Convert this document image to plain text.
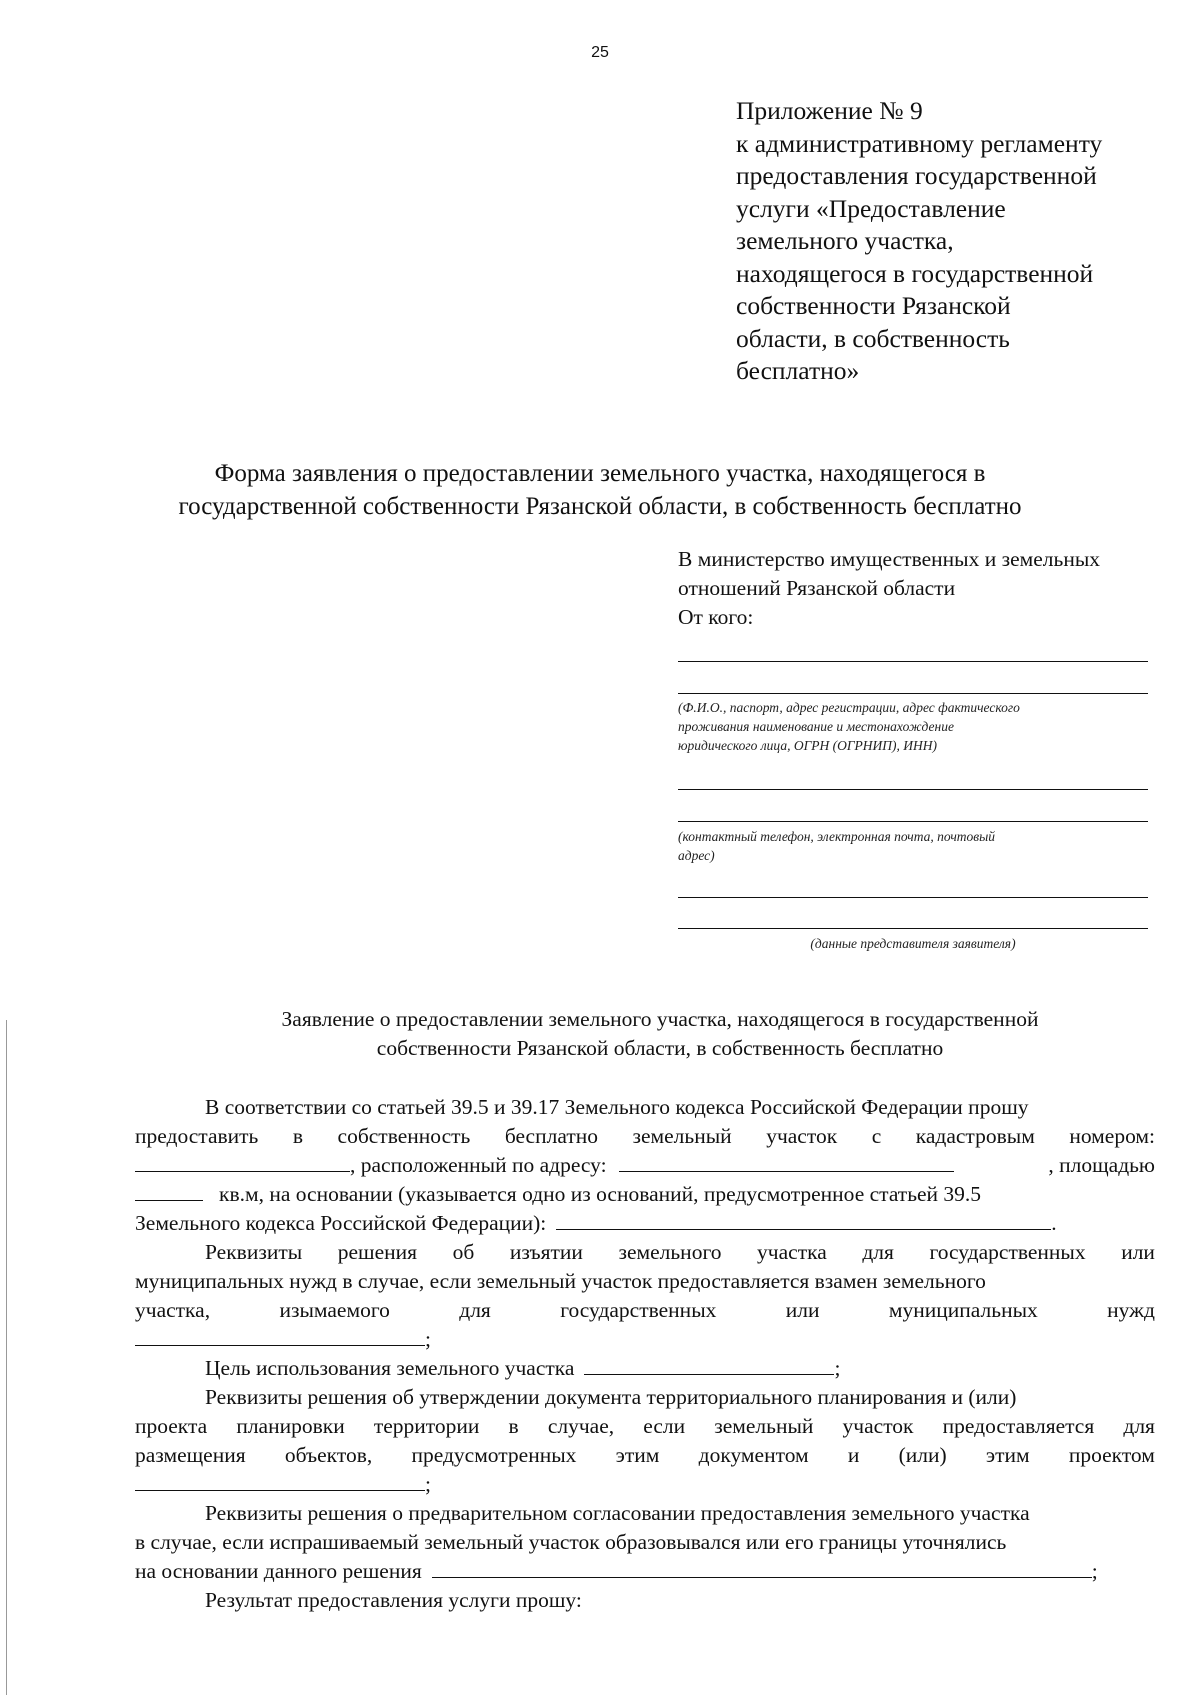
25
Приложение № 9
к административному регламенту
предоставления государственной
услуги «Предоставление
земельного участка,
находящегося в государственной
собственности Рязанской
области, в собственность
бесплатно»
Форма заявления о предоставлении земельного участка, находящегося в
государственной собственности Рязанской области, в собственность бесплатно
В министерство имущественных и земельных
отношений Рязанской области
От кого:
(Ф.И.О., паспорт, адрес регистрации, адрес фактического
проживания наименование и местонахождение
юридического лица, ОГРН (ОГРНИП), ИНН)
(контактный телефон, электронная почта, почтовый
адрес)
(данные представителя заявителя)
Заявление о предоставлении земельного участка, находящегося в государственной
собственности Рязанской области, в собственность бесплатно
В соответствии со статьей 39.5 и 39.17 Земельного кодекса Российской Федерации прошу
предоставить в собственность бесплатно земельный участок с кадастровым номером:
, расположенный по адресу:	, площадью
кв.м, на основании (указывается одно из оснований, предусмотренное статьей 39.5
Земельного кодекса Российской Федерации):	.
Реквизиты решения об изъятии земельного участка для государственных или
муниципальных нужд в случае, если земельный участок предоставляется взамен земельного
участка,	изымаемого	для	государственных	или	муниципальных	нужд
;
Цель использования земельного участка	;
Реквизиты решения об утверждении документа территориального планирования и (или)
проекта планировки территории в случае, если земельный участок предоставляется для
размещения объектов, предусмотренных этим документом и (или) этим проектом
;
Реквизиты решения о предварительном согласовании предоставления земельного участка
в случае, если испрашиваемый земельный участок образовывался или его границы уточнялись
на основании данного решения	;
Результат предоставления услуги прошу:
